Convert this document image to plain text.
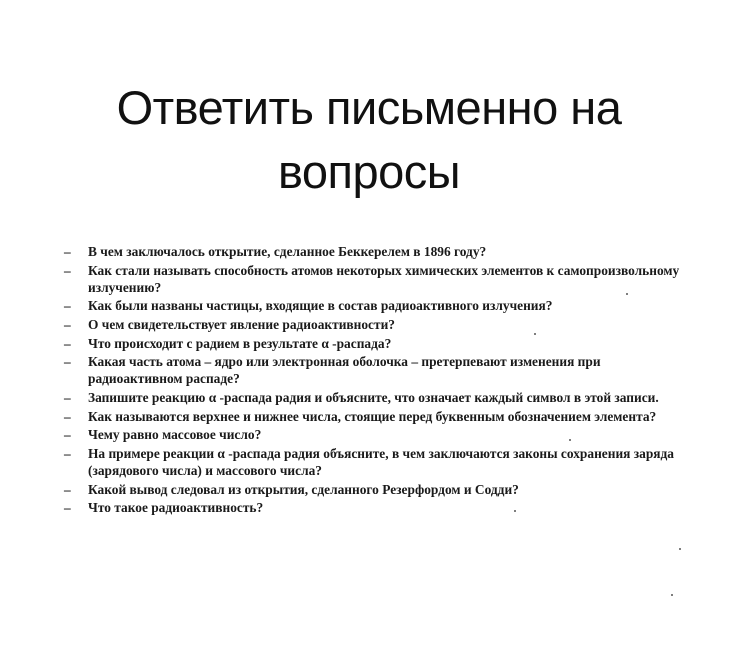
Ответить письменно на вопросы
–	В чем заключалось открытие, сделанное Беккерелем в 1896 году?
–	Как стали называть способность атомов некоторых химических элементов к самопроизвольному излучению?
–	Как были названы частицы, входящие в состав радиоактивного излучения?
–	О чем свидетельствует явление радиоактивности?
–	Что происходит с радием в результате α -распада?
–	Какая часть атома – ядро или электронная оболочка – претерпевают изменения при радиоактивном распаде?
–	Запишите реакцию α -распада радия и объясните, что означает каждый символ в этой записи.
–	Как называются верхнее и нижнее числа, стоящие перед буквенным обозначением элемента?
–	Чему равно массовое число?
–	На примере реакции α -распада радия объясните, в чем заключаются законы сохранения заряда (зарядового числа) и массового числа?
–	Какой вывод следовал из открытия, сделанного Резерфордом и Содди?
–	Что такое радиоактивность?
